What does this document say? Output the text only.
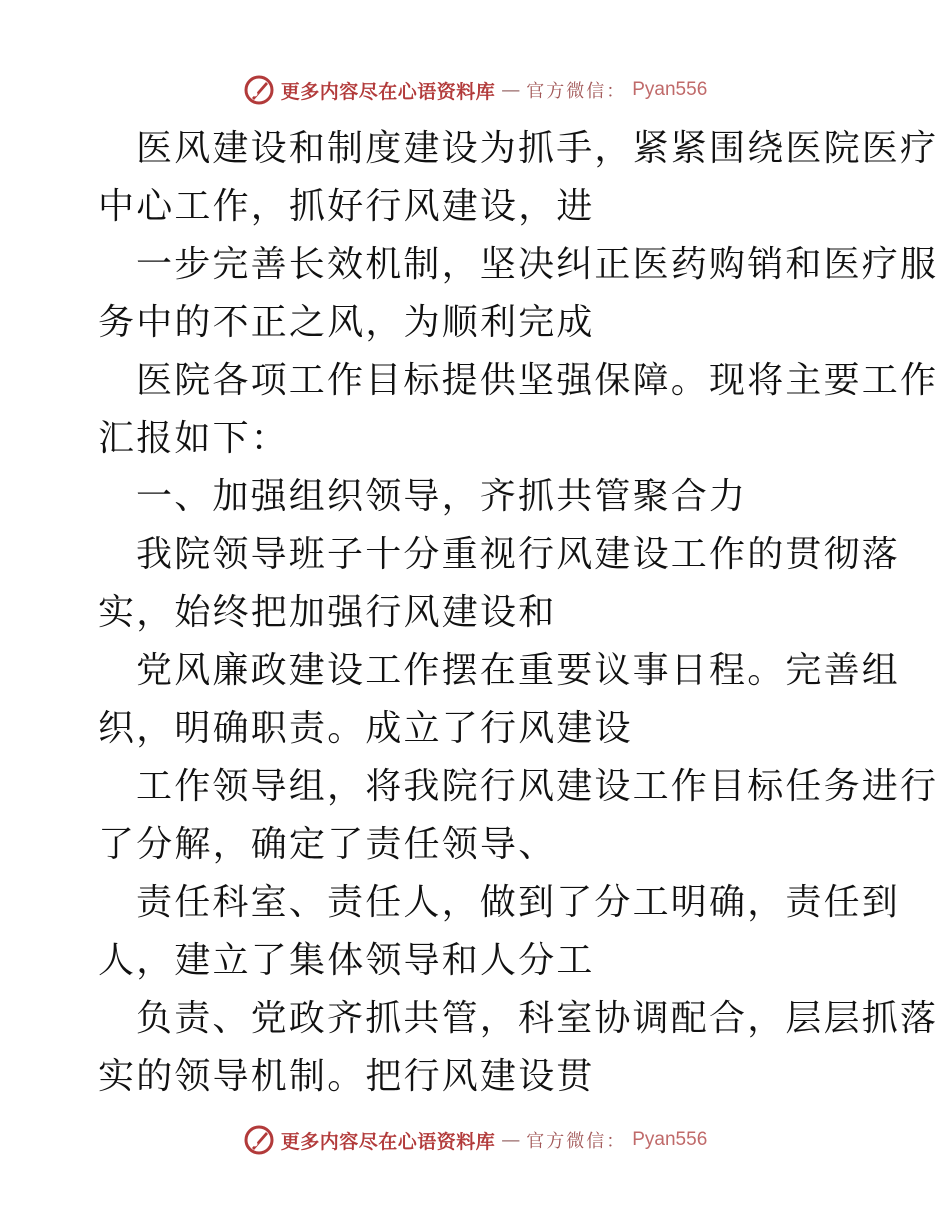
更多内容尽在心语资料库 — 官方微信： Pyan556
医风建设和制度建设为抓手，紧紧围绕医院医疗
中心工作，抓好行风建设，进
一步完善长效机制，坚决纠正医药购销和医疗服
务中的不正之风，为顺利完成
医院各项工作目标提供坚强保障。现将主要工作
汇报如下：
一、加强组织领导，齐抓共管聚合力
我院领导班子十分重视行风建设工作的贯彻落
实，始终把加强行风建设和
党风廉政建设工作摆在重要议事日程。完善组
织，明确职责。成立了行风建设
工作领导组，将我院行风建设工作目标任务进行
了分解，确定了责任领导、
责任科室、责任人，做到了分工明确，责任到
人，建立了集体领导和人分工
负责、党政齐抓共管，科室协调配合，层层抓落
实的领导机制。把行风建设贯
更多内容尽在心语资料库 — 官方微信： Pyan556
